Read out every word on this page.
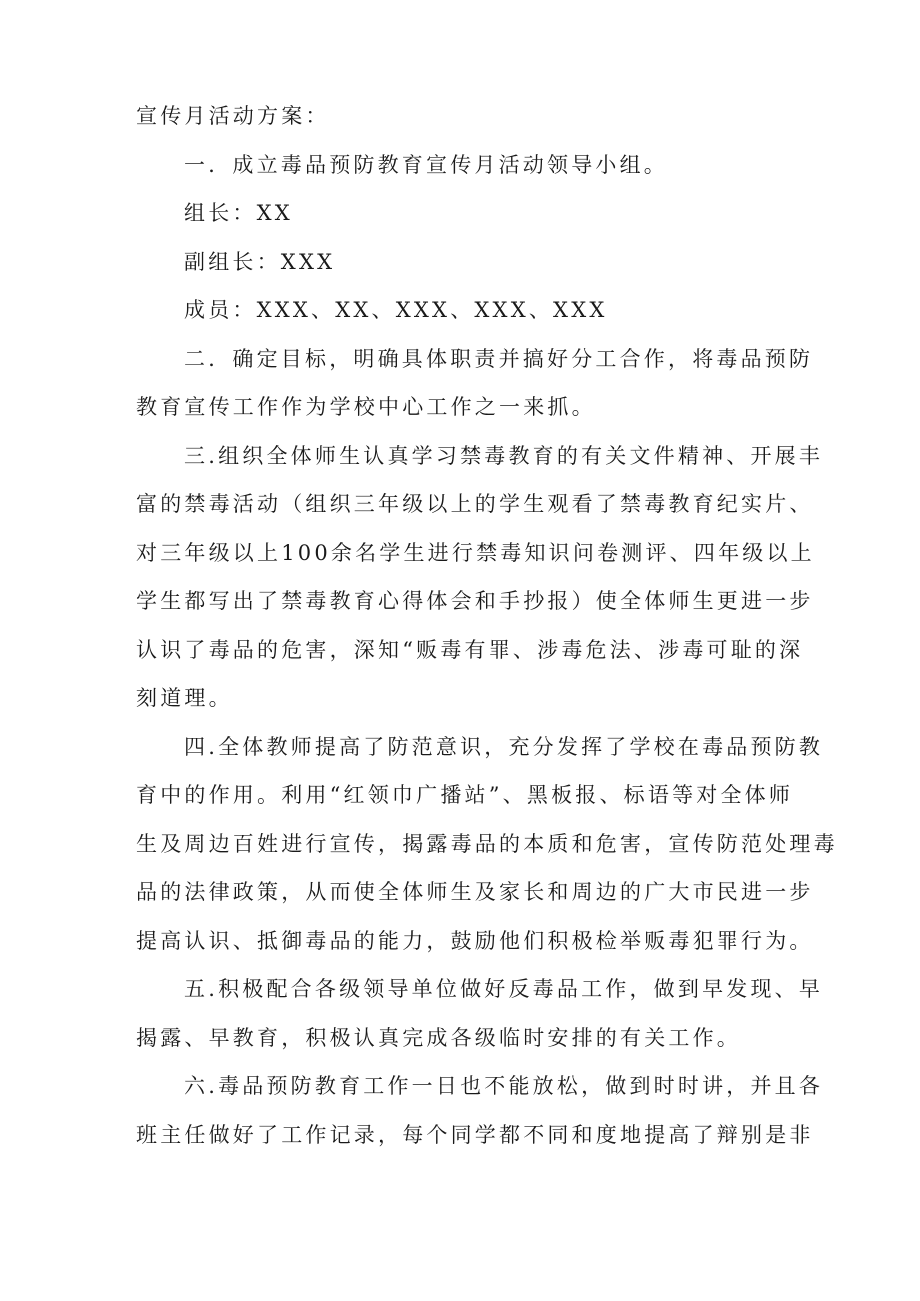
宣传月活动方案：
一．成立毒品预防教育宣传月活动领导小组。
组长：XX
副组长：XXX
成员：XXX、XX、XXX、XXX、XXX
二．确定目标，明确具体职责并搞好分工合作，将毒品预防
教育宣传工作作为学校中心工作之一来抓。
三.组织全体师生认真学习禁毒教育的有关文件精神、开展丰
富的禁毒活动（组织三年级以上的学生观看了禁毒教育纪实片、
对三年级以上100余名学生进行禁毒知识问卷测评、四年级以上
学生都写出了禁毒教育心得体会和手抄报）使全体师生更进一步
认识了毒品的危害，深知“贩毒有罪、涉毒危法、涉毒可耻的深
刻道理。
四.全体教师提高了防范意识，充分发挥了学校在毒品预防教
育中的作用。利用“红领巾广播站”、黑板报、标语等对全体师
生及周边百姓进行宣传，揭露毒品的本质和危害，宣传防范处理毒
品的法律政策，从而使全体师生及家长和周边的广大市民进一步
提高认识、抵御毒品的能力，鼓励他们积极检举贩毒犯罪行为。
五.积极配合各级领导单位做好反毒品工作，做到早发现、早
揭露、早教育，积极认真完成各级临时安排的有关工作。
六.毒品预防教育工作一日也不能放松，做到时时讲，并且各
班主任做好了工作记录，每个同学都不同和度地提高了辩别是非
